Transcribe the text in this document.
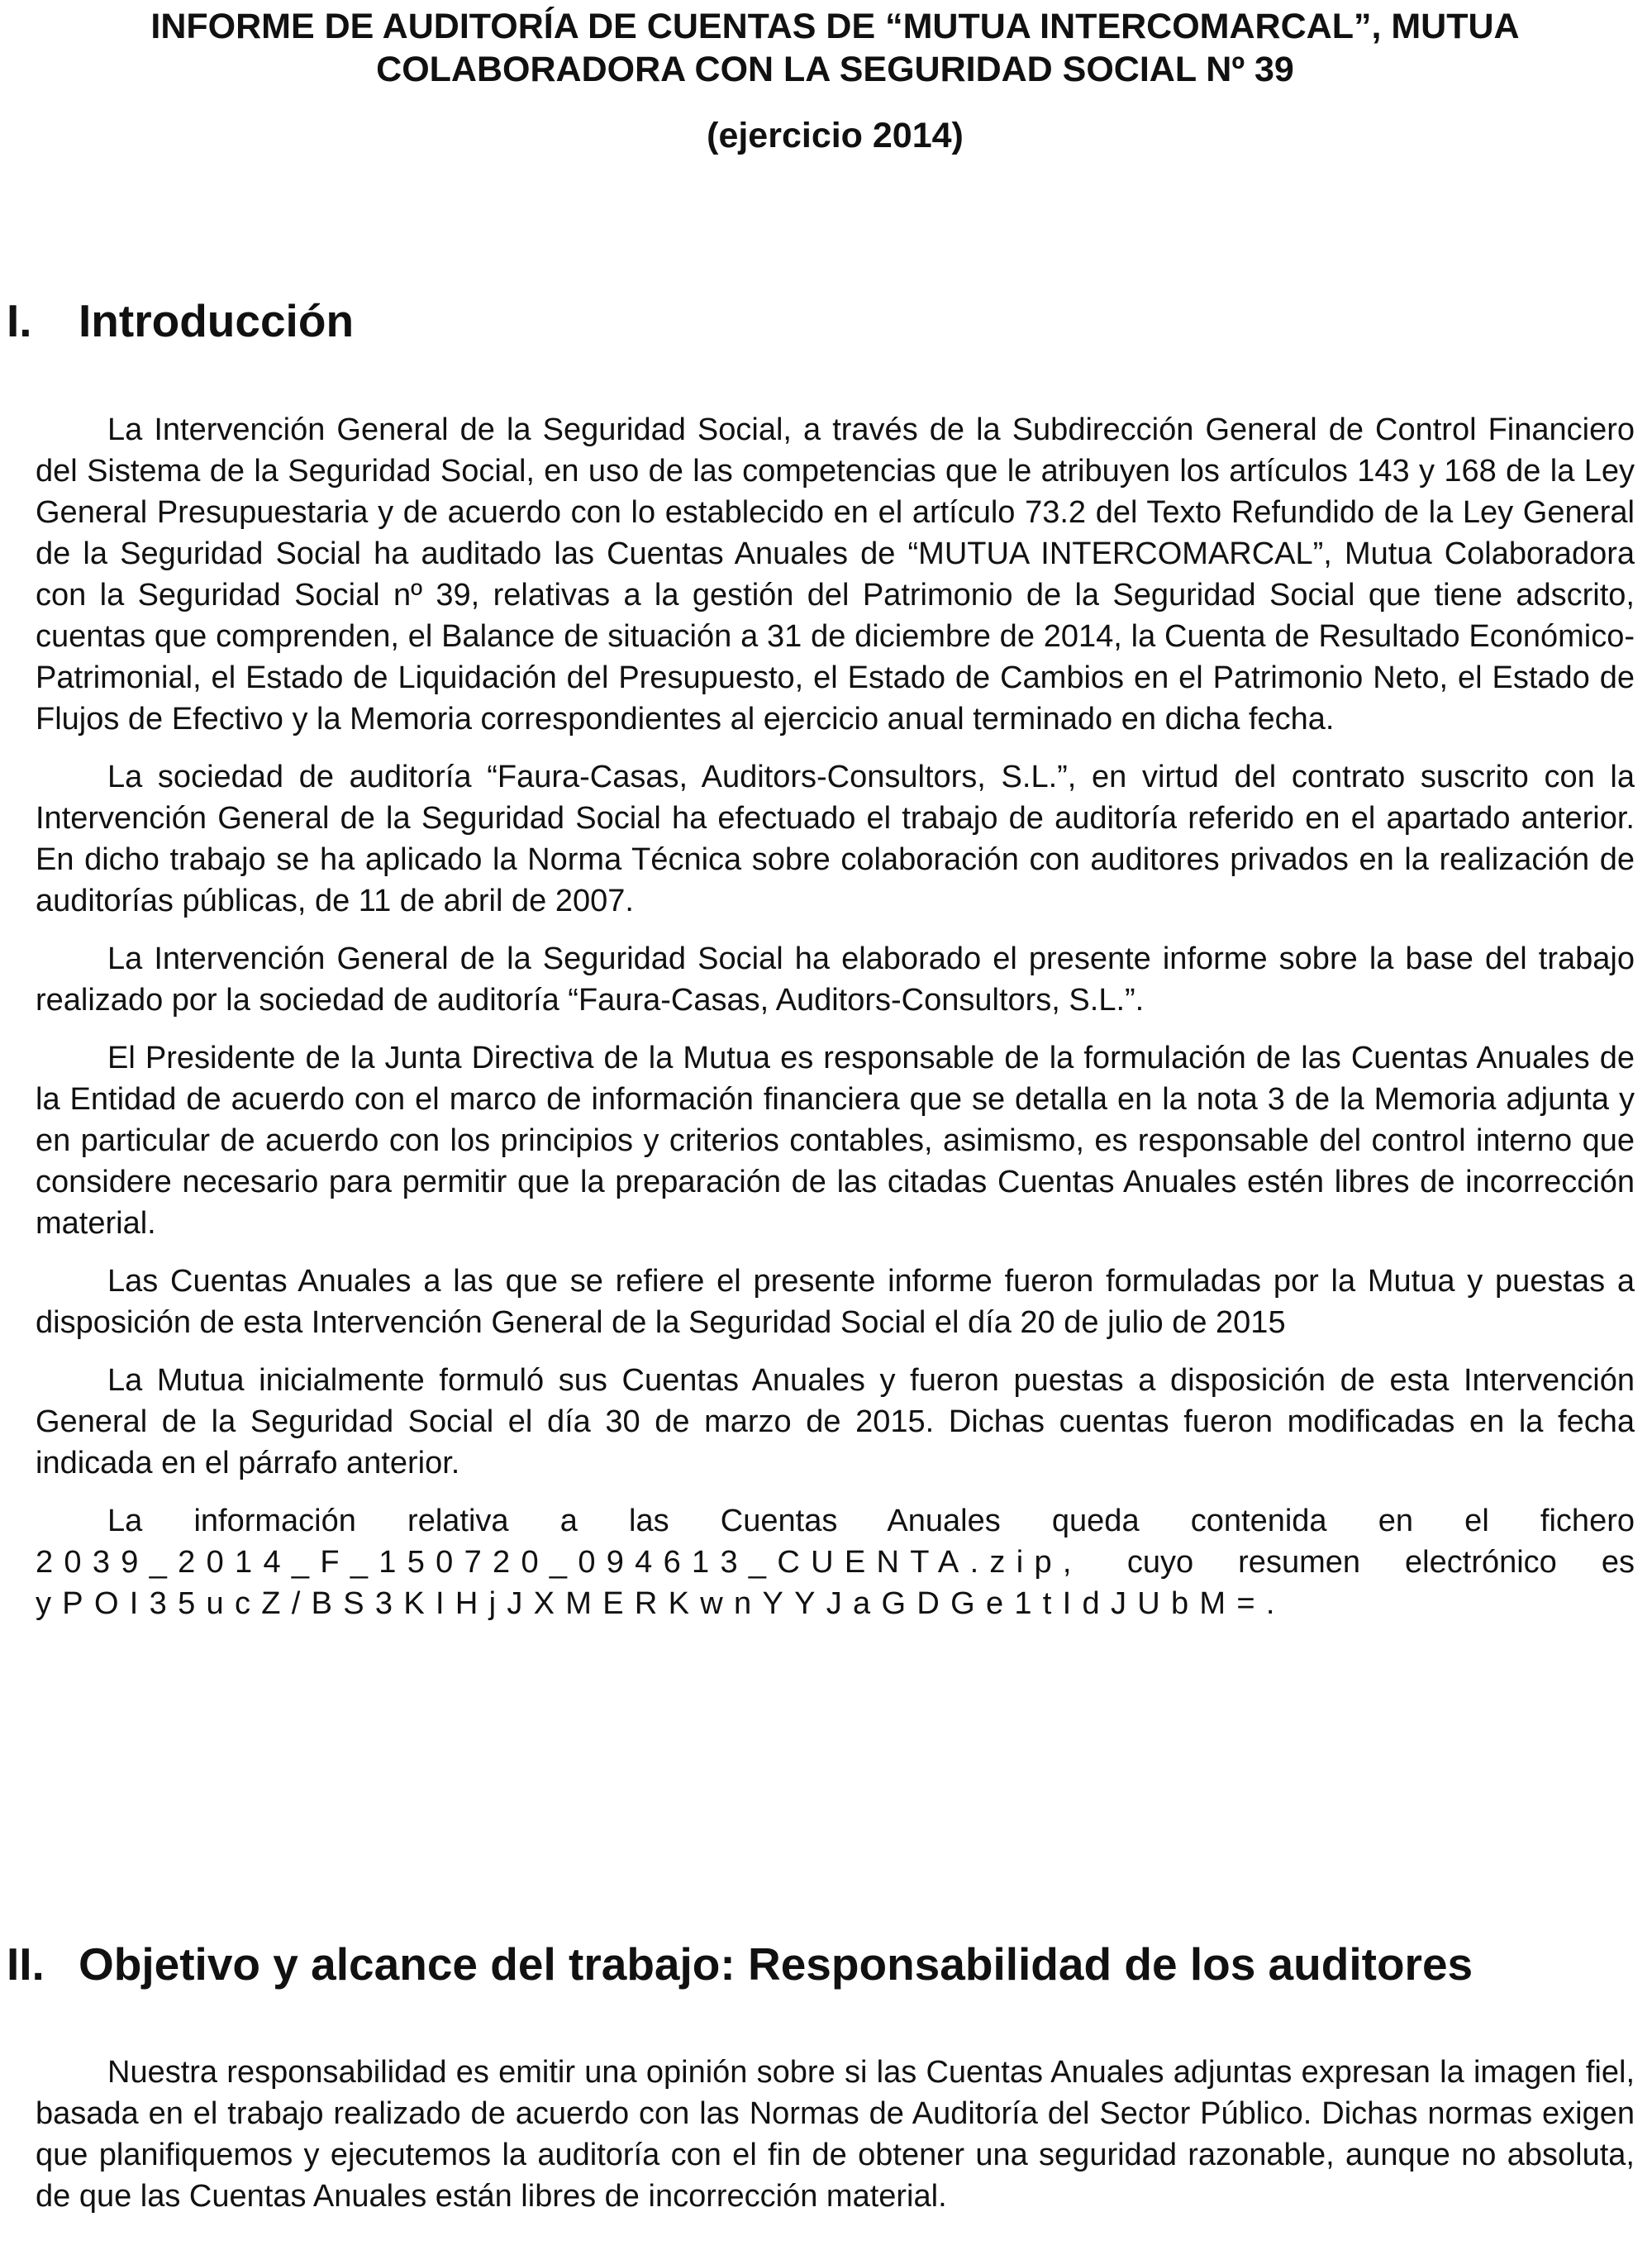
INFORME DE AUDITORÍA DE CUENTAS DE “MUTUA INTERCOMARCAL”, MUTUA COLABORADORA CON LA SEGURIDAD SOCIAL Nº 39
(ejercicio 2014)
I.	Introducción

La Intervención General de la Seguridad Social, a través de la Subdirección General de Control Financiero del Sistema de la Seguridad Social, en uso de las competencias que le atribuyen los artículos 143 y 168 de la Ley General Presupuestaria y de acuerdo con lo establecido en el artículo 73.2 del Texto Refundido de la Ley General de la Seguridad Social ha auditado las Cuentas Anuales de “MUTUA INTERCOMARCAL”, Mutua Colaboradora con la Seguridad Social nº 39, relativas a la gestión del Patrimonio de la Seguridad Social que tiene adscrito, cuentas que comprenden, el Balance de situación a 31 de diciembre de 2014, la Cuenta de Resultado Económico-Patrimonial, el Estado de Liquidación del Presupuesto, el Estado de Cambios en el Patrimonio Neto, el Estado de Flujos de Efectivo y la Memoria correspondientes al ejercicio anual terminado en dicha fecha.

La sociedad de auditoría “Faura-Casas, Auditors-Consultors, S.L.”, en virtud del contrato suscrito con la Intervención General de la Seguridad Social ha efectuado el trabajo de auditoría referido en el apartado anterior. En dicho trabajo se ha aplicado la Norma Técnica sobre colaboración con auditores privados en la realización de auditorías públicas, de 11 de abril de 2007.

La Intervención General de la Seguridad Social ha elaborado el presente informe sobre la base del trabajo realizado por la sociedad de auditoría “Faura-Casas, Auditors-Consultors, S.L.”.

El Presidente de la Junta Directiva de la Mutua es responsable de la formulación de las Cuentas Anuales de la Entidad de acuerdo con el marco de información financiera que se detalla en la nota 3 de la Memoria adjunta y en particular de acuerdo con los principios y criterios contables, asimismo, es responsable del control interno que considere necesario para permitir que la preparación de las citadas Cuentas Anuales estén libres de incorrección material.

Las Cuentas Anuales a las que se refiere el presente informe fueron formuladas por la Mutua y puestas a disposición de esta Intervención General de la Seguridad Social el día 20 de julio de 2015

La Mutua inicialmente formuló sus Cuentas Anuales y fueron puestas a disposición de esta Intervención General de la Seguridad Social el día 30 de marzo de 2015. Dichas cuentas fueron modificadas en la fecha indicada en el párrafo anterior.

La información relativa a las Cuentas Anuales queda contenida en el fichero 2039_2014_F_150720_094613_CUENTA.zip, cuyo resumen electrónico es yPOI35ucZ/BS3KIHjJXMERKwnYYJaGDGe1tIdJUbM=.

II. Objetivo y alcance del trabajo: Responsabilidad de los auditores

Nuestra responsabilidad es emitir una opinión sobre si las Cuentas Anuales adjuntas expresan la imagen fiel, basada en el trabajo realizado de acuerdo con las Normas de Auditoría del Sector Público. Dichas normas exigen que planifiquemos y ejecutemos la auditoría con el fin de obtener una seguridad razonable, aunque no absoluta, de que las Cuentas Anuales están libres de incorrección material.
